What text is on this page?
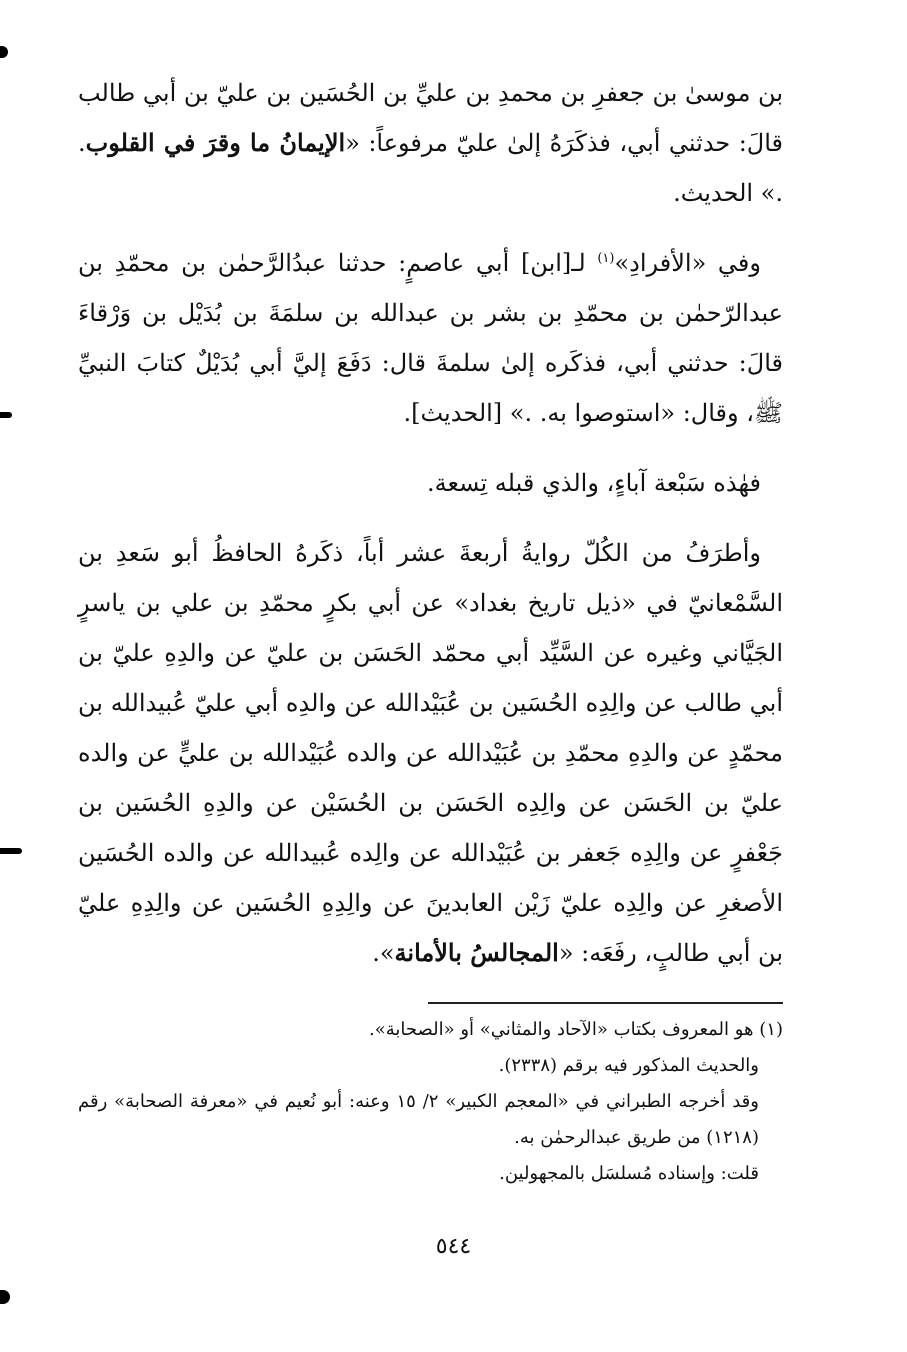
بن موسىٰ بن جعفرِ بن محمدِ بن عليِّ بن الحُسَين بن عليّ بن أبي طالب قالَ: حدثني أبي، فذكَرَهُ إلىٰ عليّ مرفوعاً: «الإيمانُ ما وقرَ في القلوب. .» الحديث.

وفي «الأفرادِ»$^{(١)}$ لـ[ابن] أبي عاصمٍ: حدثنا عبدُالرَّحمٰن بن محمّدِ بن عبدالرّحمٰن بن محمّدِ بن بشر بن عبدالله بن سلمَةَ بن بُدَيْل بن وَرْقاءَ قالَ: حدثني أبي، فذكَره إلىٰ سلمةَ قال: دَفَعَ إليَّ أبي بُدَيْلٌ كتابَ النبيِّ ﷺ، وقال: «استوصوا به. .» [الحديث].

فهٰذه سَبْعة آباءٍ، والذي قبله تِسعة.

وأطرَفُ من الكُلّ روايةُ أربعةَ عشر أباً، ذكَرهُ الحافظُ أبو سَعدِ بن السَّمْعانيّ في «ذيل تاريخ بغداد» عن أبي بكرٍ محمّدِ بن علي بن ياسرٍ الجَيَّاني وغيره عن السَّيِّد أبي محمّد الحَسَن بن عليّ عن والدِهِ عليّ بن أبي طالب عن والِدِه الحُسَين بن عُبَيْدالله عن والدِه أبي عليّ عُبيدالله بن محمّدٍ عن والدِهِ محمّدِ بن عُبَيْدالله عن والده عُبَيْدالله بن عليٍّ عن والده عليّ بن الحَسَن عن والِدِه الحَسَن بن الحُسَيْن عن والدِهِ الحُسَين بن جَعْفرٍ عن والِدِه جَعفر بن عُبَيْدالله عن والِده عُبيدالله عن والده الحُسَين الأصغرِ عن والِدِه عليّ زَيْن العابدينَ عن والِدِهِ الحُسَين عن والِدِهِ عليّ بن أبي طالبٍ، رفَعَه: «المجالسُ بالأمانة».

(١) هو المعروف بكتاب «الآحاد والمثاني» أو «الصحابة».

والحديث المذكور فيه برقم (٢٣٣٨).

وقد أخرجه الطبراني في «المعجم الكبير» ٢/ ١٥ وعنه: أبو نُعيم في «معرفة الصحابة» رقم (١٢١٨) من طريق عبدالرحمٰن به.

قلت: وإسناده مُسلسَل بالمجهولين.

٥٤٤
